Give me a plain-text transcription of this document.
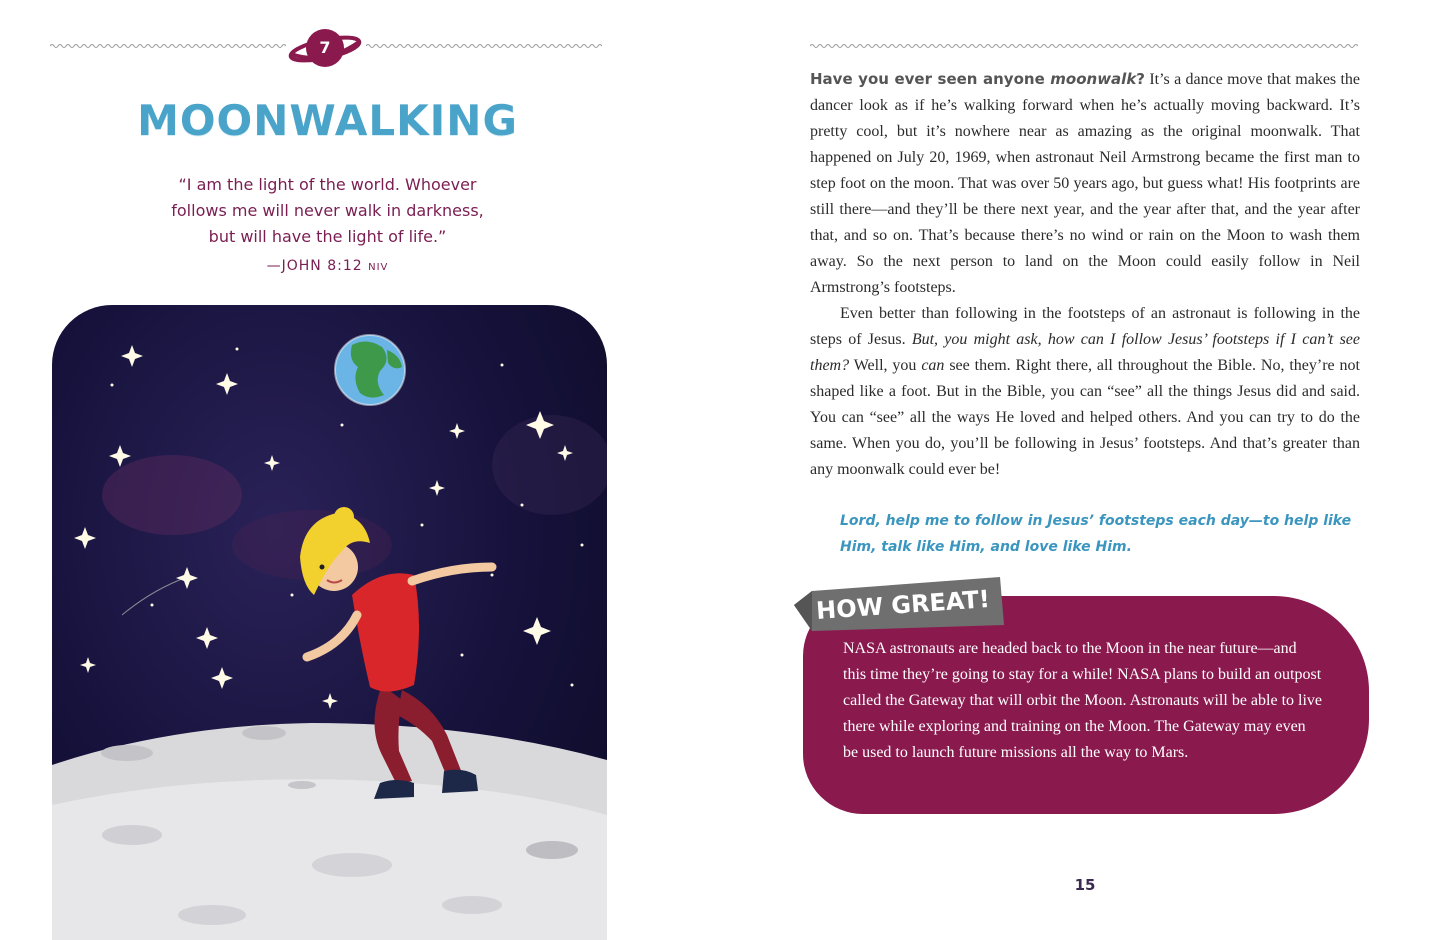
7
MOONWALKING
“I am the light of the world. Whoever
follows me will never walk in darkness,
but will have the light of life.”
—JOHN 8:12 NIV

Have you ever seen anyone moonwalk? It’s a dance move that makes the dancer look as if he’s walking forward when he’s actually moving backward. It’s pretty cool, but it’s nowhere near as amazing as the original moonwalk. That happened on July 20, 1969, when astronaut Neil Armstrong became the first man to step foot on the moon. That was over 50 years ago, but guess what! His footprints are still there—and they’ll be there next year, and the year after that, and the year after that, and so on. That’s because there’s no wind or rain on the Moon to wash them away. So the next person to land on the Moon could easily follow in Neil Armstrong’s footsteps.

Even better than following in the footsteps of an astronaut is following in the steps of Jesus. But, you might ask, how can I follow Jesus’ footsteps if I can’t see them? Well, you can see them. Right there, all throughout the Bible. No, they’re not shaped like a foot. But in the Bible, you can “see” all the things Jesus did and said. You can “see” all the ways He loved and helped others. And you can try to do the same. When you do, you’ll be following in Jesus’ footsteps. And that’s greater than any moonwalk could ever be!

Lord, help me to follow in Jesus’ footsteps each day—to help like Him, talk like Him, and love like Him.
HOW GREAT!
NASA astronauts are headed back to the Moon in the near future—and this time they’re going to stay for a while! NASA plans to build an outpost called the Gateway that will orbit the Moon. Astronauts will be able to live there while exploring and training on the Moon. The Gateway may even be used to launch future missions all the way to Mars.
15
